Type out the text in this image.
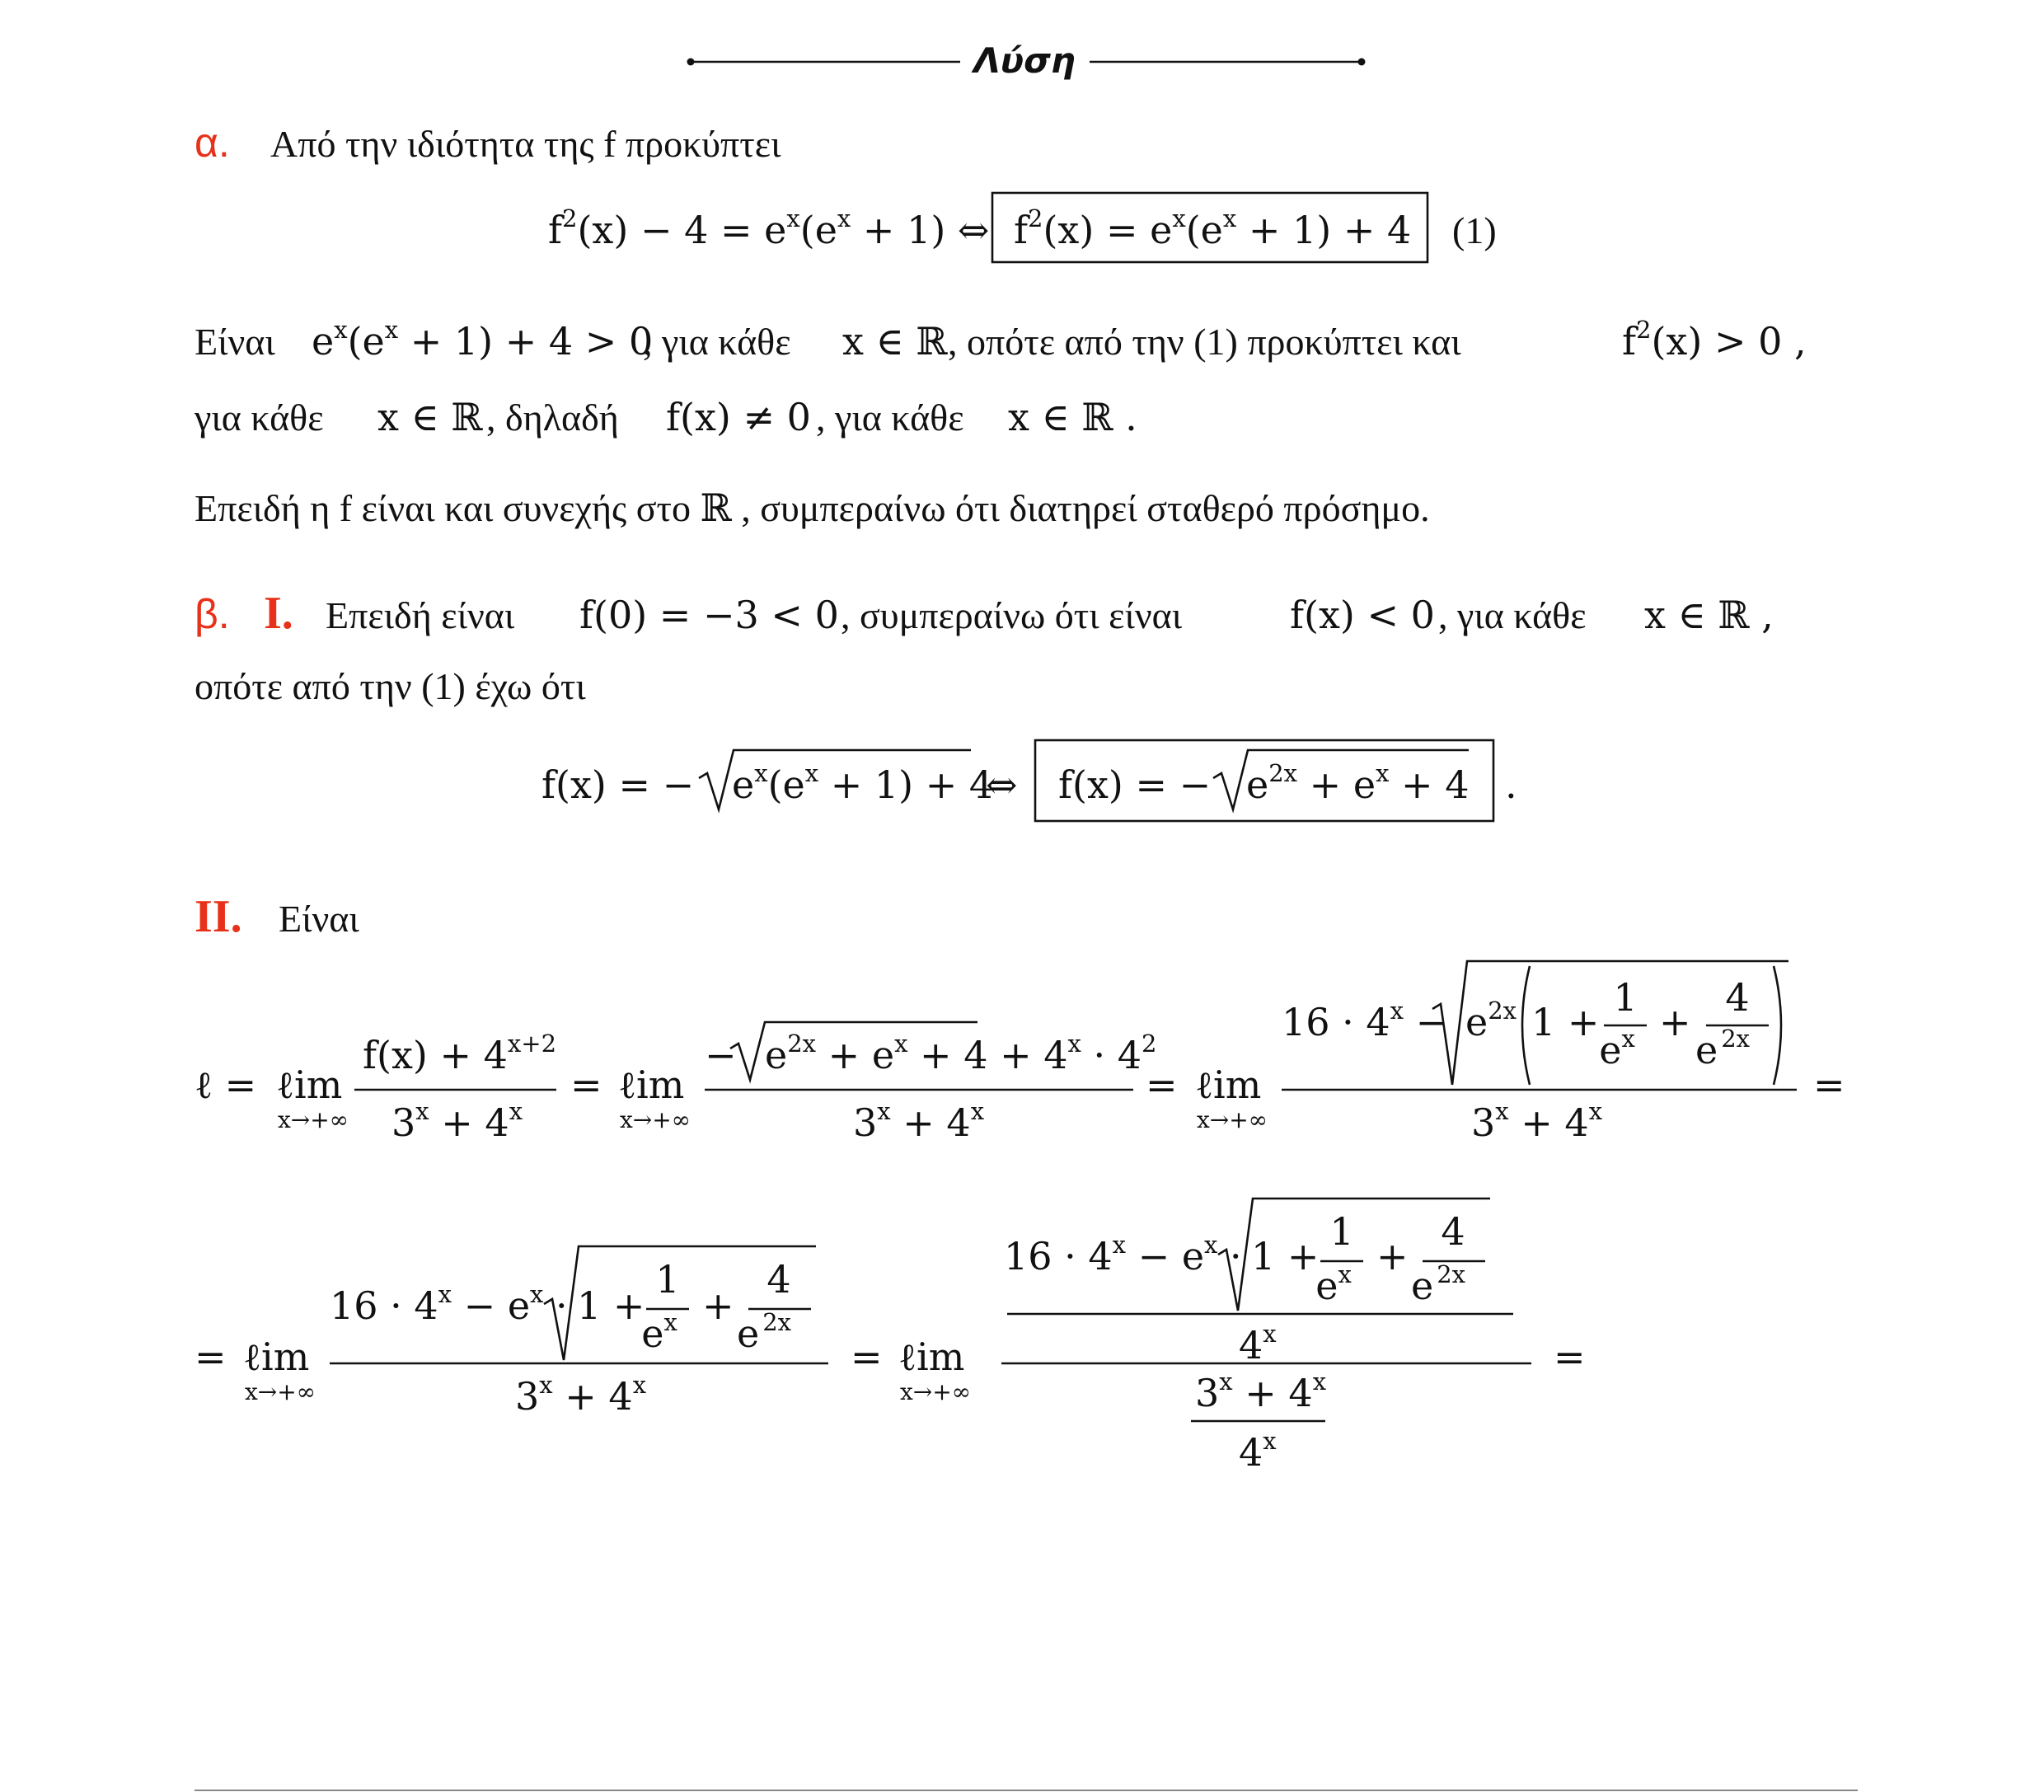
Λύση
α. Από την ιδιότητα της f προκύπτει
$f^2(x) - 4 = e^x(e^x + 1)$ ⇔ $f^2(x) = e^x(e^x + 1) + 4$ (1)
Είναι $e^x(e^x + 1) + 4 > 0$
, για κάθε x ∈ ℝ , οπότε από την (1) προκύπτει και	$f^2(x) > 0$ ,
για κάθε x ∈ ℝ , δηλαδή f(x) ≠ 0 , για κάθε x ∈ ℝ .
Επειδή η f είναι και συνεχής στο ℝ , συμπεραίνω ότι διατηρεί σταθερό πρόσημο.
β. I. Επειδή είναι f(0) = −3 < 0 , συμπεραίνω ότι είναι	f(x) < 0 , για κάθε x ∈ ℝ ,
οπότε από την (1) έχω ότι
f(x) = − $e^x(e^x + 1) + 4$
⇔ f(x) = − $e^{2x} + e^x + 4$ .
II. Είναι
ℓ = ℓim
x→+∞
$f(x) + 4^{x+2}$
$3^x + 4^x$
= ℓim
x→+∞
− $e^{2x} + e^x + 4 + 4^x \cdot 4^2$
$3^x + 4^x$
= ℓim
x→+∞
$16 \cdot 4^x - e^{2x}$ 1 +
1
$e^x$ +
4
e $^{2x}$
$3^x + 4^x$
=
= ℓim
x→+∞
$16 \cdot 4^x - e^x \cdot 1$ +
1
$e^x$ +
4
e $^{2x}$
$3^x + 4^x$
= ℓim
x→+∞
$16 \cdot 4^x - e^x \cdot 1$ +
1
$e^x$ +
4
e $^{2x}$
4$^x$
$3^x + 4^x$
$4^x$
=
